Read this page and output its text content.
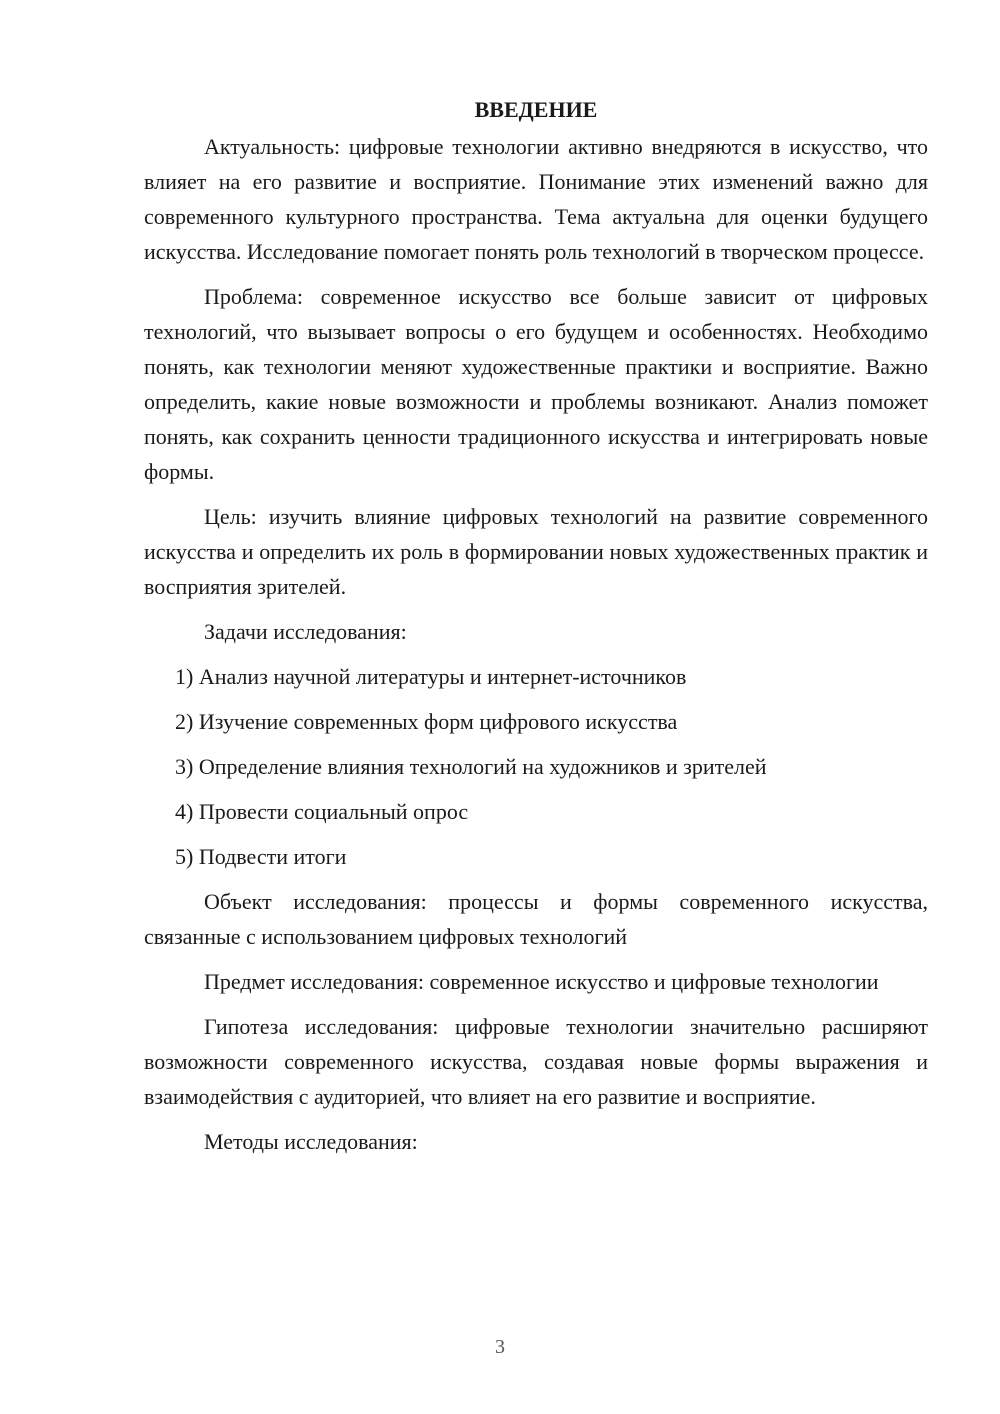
ВВЕДЕНИЕ

Актуальность: цифровые технологии активно внедряются в искусство, что влияет на его развитие и восприятие. Понимание этих изменений важно для современного культурного пространства. Тема актуальна для оценки будущего искусства. Исследование помогает понять роль технологий в творческом процессе.

Проблема: современное искусство все больше зависит от цифровых технологий, что вызывает вопросы о его будущем и особенностях. Необходимо понять, как технологии меняют художественные практики и восприятие. Важно определить, какие новые возможности и проблемы возникают. Анализ поможет понять, как сохранить ценности традиционного искусства и интегрировать новые формы.

Цель: изучить влияние цифровых технологий на развитие современного искусства и определить их роль в формировании новых художественных практик и восприятия зрителей.

Задачи исследования:

1) Анализ научной литературы и интернет-источников
2) Изучение современных форм цифрового искусства
3) Определение влияния технологий на художников и зрителей
4) Провести социальный опрос
5) Подвести итоги

Объект исследования: процессы и формы современного искусства, связанные с использованием цифровых технологий

Предмет исследования: современное искусство и цифровые технологии

Гипотеза исследования: цифровые технологии значительно расширяют возможности современного искусства, создавая новые формы выражения и взаимодействия с аудиторией, что влияет на его развитие и восприятие.

Методы исследования:

3
